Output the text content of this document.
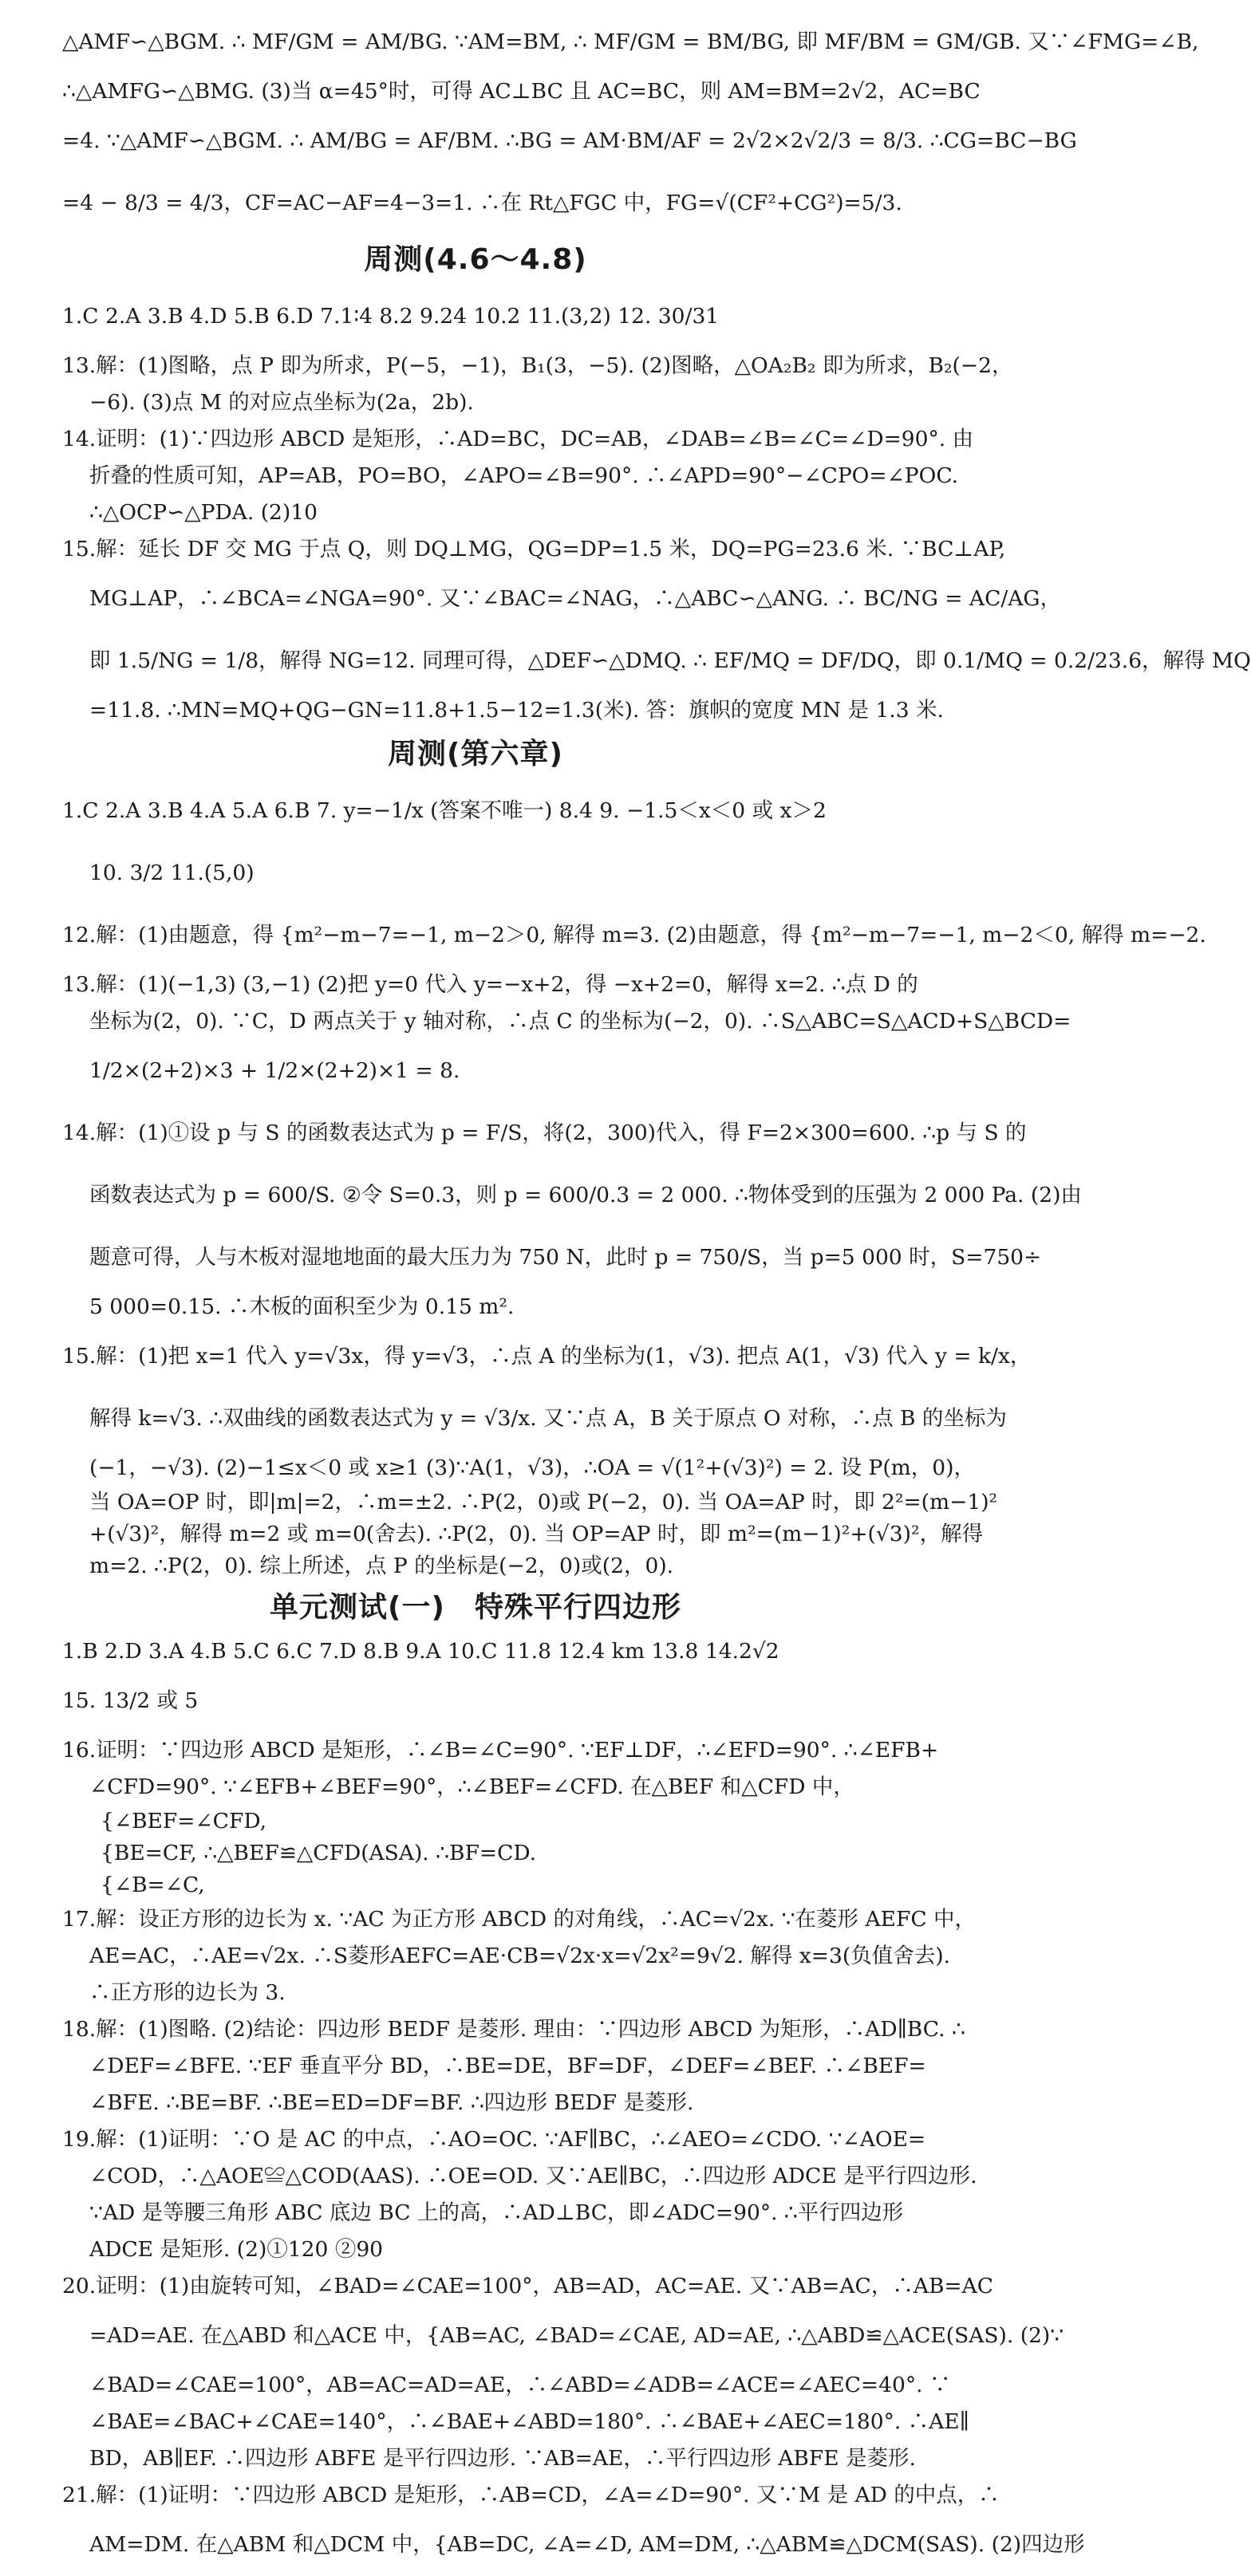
△AMF∽△BGM. ∴ MF/GM = AM/BG. ∵AM=BM, ∴ MF/GM = BM/BG, 即 MF/BM = GM/GB. 又∵∠FMG=∠B,
∴△AMFG∽△BMG. (3)当 α=45°时，可得 AC⊥BC 且 AC=BC，则 AM=BM=2√2，AC=BC
=4. ∵△AMF∽△BGM. ∴ AM/BG = AF/BM. ∴BG = AM·BM/AF = 2√2×2√2/3 = 8/3. ∴CG=BC−BG
=4 − 8/3 = 4/3，CF=AC−AF=4−3=1. ∴在 Rt△FGC 中，FG=√(CF²+CG²)=5/3.
周测(4.6～4.8)
1.C 2.A 3.B 4.D 5.B 6.D 7.1∶4 8.2 9.24 10.2 11.(3,2) 12. 30/31
13.解：(1)图略，点 P 即为所求，P(−5，−1)，B₁(3，−5). (2)图略，△OA₂B₂ 即为所求，B₂(−2，
−6). (3)点 M 的对应点坐标为(2a，2b).
14.证明：(1)∵四边形 ABCD 是矩形，∴AD=BC，DC=AB，∠DAB=∠B=∠C=∠D=90°. 由
折叠的性质可知，AP=AB，PO=BO，∠APO=∠B=90°. ∴∠APD=90°−∠CPO=∠POC.
∴△OCP∽△PDA. (2)10
15.解：延长 DF 交 MG 于点 Q，则 DQ⊥MG，QG=DP=1.5 米，DQ=PG=23.6 米. ∵BC⊥AP,
MG⊥AP，∴∠BCA=∠NGA=90°. 又∵∠BAC=∠NAG，∴△ABC∽△ANG. ∴ BC/NG = AC/AG，
即 1.5/NG = 1/8，解得 NG=12. 同理可得，△DEF∽△DMQ. ∴ EF/MQ = DF/DQ，即 0.1/MQ = 0.2/23.6，解得 MQ
=11.8. ∴MN=MQ+QG−GN=11.8+1.5−12=1.3(米). 答：旗帜的宽度 MN 是 1.3 米.
周测(第六章)
1.C 2.A 3.B 4.A 5.A 6.B 7. y=−1/x (答案不唯一) 8.4 9. −1.5＜x＜0 或 x＞2
10. 3/2 11.(5,0)
12.解：(1)由题意，得 {m²−m−7=−1, m−2＞0, 解得 m=3. (2)由题意，得 {m²−m−7=−1, m−2＜0, 解得 m=−2.
13.解：(1)(−1,3) (3,−1) (2)把 y=0 代入 y=−x+2，得 −x+2=0，解得 x=2. ∴点 D 的
坐标为(2，0). ∵C，D 两点关于 y 轴对称，∴点 C 的坐标为(−2，0). ∴S△ABC=S△ACD+S△BCD=
1/2×(2+2)×3 + 1/2×(2+2)×1 = 8.
14.解：(1)①设 p 与 S 的函数表达式为 p = F/S，将(2，300)代入，得 F=2×300=600. ∴p 与 S 的
函数表达式为 p = 600/S. ②令 S=0.3，则 p = 600/0.3 = 2 000. ∴物体受到的压强为 2 000 Pa. (2)由
题意可得，人与木板对湿地地面的最大压力为 750 N，此时 p = 750/S，当 p=5 000 时，S=750÷
5 000=0.15. ∴木板的面积至少为 0.15 m².
15.解：(1)把 x=1 代入 y=√3x，得 y=√3，∴点 A 的坐标为(1，√3). 把点 A(1，√3) 代入 y = k/x，
解得 k=√3. ∴双曲线的函数表达式为 y = √3/x. 又∵点 A，B 关于原点 O 对称，∴点 B 的坐标为
(−1，−√3). (2)−1≤x＜0 或 x≥1 (3)∵A(1，√3)，∴OA = √(1²+(√3)²) = 2. 设 P(m，0)，
当 OA=OP 时，即|m|=2，∴m=±2. ∴P(2，0)或 P(−2，0). 当 OA=AP 时，即 2²=(m−1)²
+(√3)²，解得 m=2 或 m=0(舍去). ∴P(2，0). 当 OP=AP 时，即 m²=(m−1)²+(√3)²，解得
m=2. ∴P(2，0). 综上所述，点 P 的坐标是(−2，0)或(2，0).
单元测试(一)　特殊平行四边形
1.B 2.D 3.A 4.B 5.C 6.C 7.D 8.B 9.A 10.C 11.8 12.4 km 13.8 14.2√2
15. 13/2 或 5
16.证明：∵四边形 ABCD 是矩形，∴∠B=∠C=90°. ∵EF⊥DF，∴∠EFD=90°. ∴∠EFB+
∠CFD=90°. ∵∠EFB+∠BEF=90°，∴∠BEF=∠CFD. 在△BEF 和△CFD 中，
{∠BEF=∠CFD,
{BE=CF, ∴△BEF≌△CFD(ASA). ∴BF=CD.
{∠B=∠C,
17.解：设正方形的边长为 x. ∵AC 为正方形 ABCD 的对角线，∴AC=√2x. ∵在菱形 AEFC 中，
AE=AC，∴AE=√2x. ∴S菱形AEFC=AE·CB=√2x·x=√2x²=9√2. 解得 x=3(负值舍去).
∴正方形的边长为 3.
18.解：(1)图略. (2)结论：四边形 BEDF 是菱形. 理由：∵四边形 ABCD 为矩形，∴AD∥BC. ∴
∠DEF=∠BFE. ∵EF 垂直平分 BD，∴BE=DE，BF=DF，∠DEF=∠BEF. ∴∠BEF=
∠BFE. ∴BE=BF. ∴BE=ED=DF=BF. ∴四边形 BEDF 是菱形.
19.解：(1)证明：∵O 是 AC 的中点，∴AO=OC. ∵AF∥BC，∴∠AEO=∠CDO. ∵∠AOE=
∠COD，∴△AOE≌△COD(AAS). ∴OE=OD. 又∵AE∥BC，∴四边形 ADCE 是平行四边形.
∵AD 是等腰三角形 ABC 底边 BC 上的高，∴AD⊥BC，即∠ADC=90°. ∴平行四边形
ADCE 是矩形. (2)①120 ②90
20.证明：(1)由旋转可知，∠BAD=∠CAE=100°，AB=AD，AC=AE. 又∵AB=AC，∴AB=AC
=AD=AE. 在△ABD 和△ACE 中，{AB=AC, ∠BAD=∠CAE, AD=AE, ∴△ABD≌△ACE(SAS). (2)∵
∠BAD=∠CAE=100°，AB=AC=AD=AE，∴∠ABD=∠ADB=∠ACE=∠AEC=40°. ∵
∠BAE=∠BAC+∠CAE=140°，∴∠BAE+∠ABD=180°. ∴∠BAE+∠AEC=180°. ∴AE∥
BD，AB∥EF. ∴四边形 ABFE 是平行四边形. ∵AB=AE，∴平行四边形 ABFE 是菱形.
21.解：(1)证明：∵四边形 ABCD 是矩形，∴AB=CD，∠A=∠D=90°. 又∵M 是 AD 的中点，∴
AM=DM. 在△ABM 和△DCM 中，{AB=DC, ∠A=∠D, AM=DM, ∴△ABM≌△DCM(SAS). (2)四边形
